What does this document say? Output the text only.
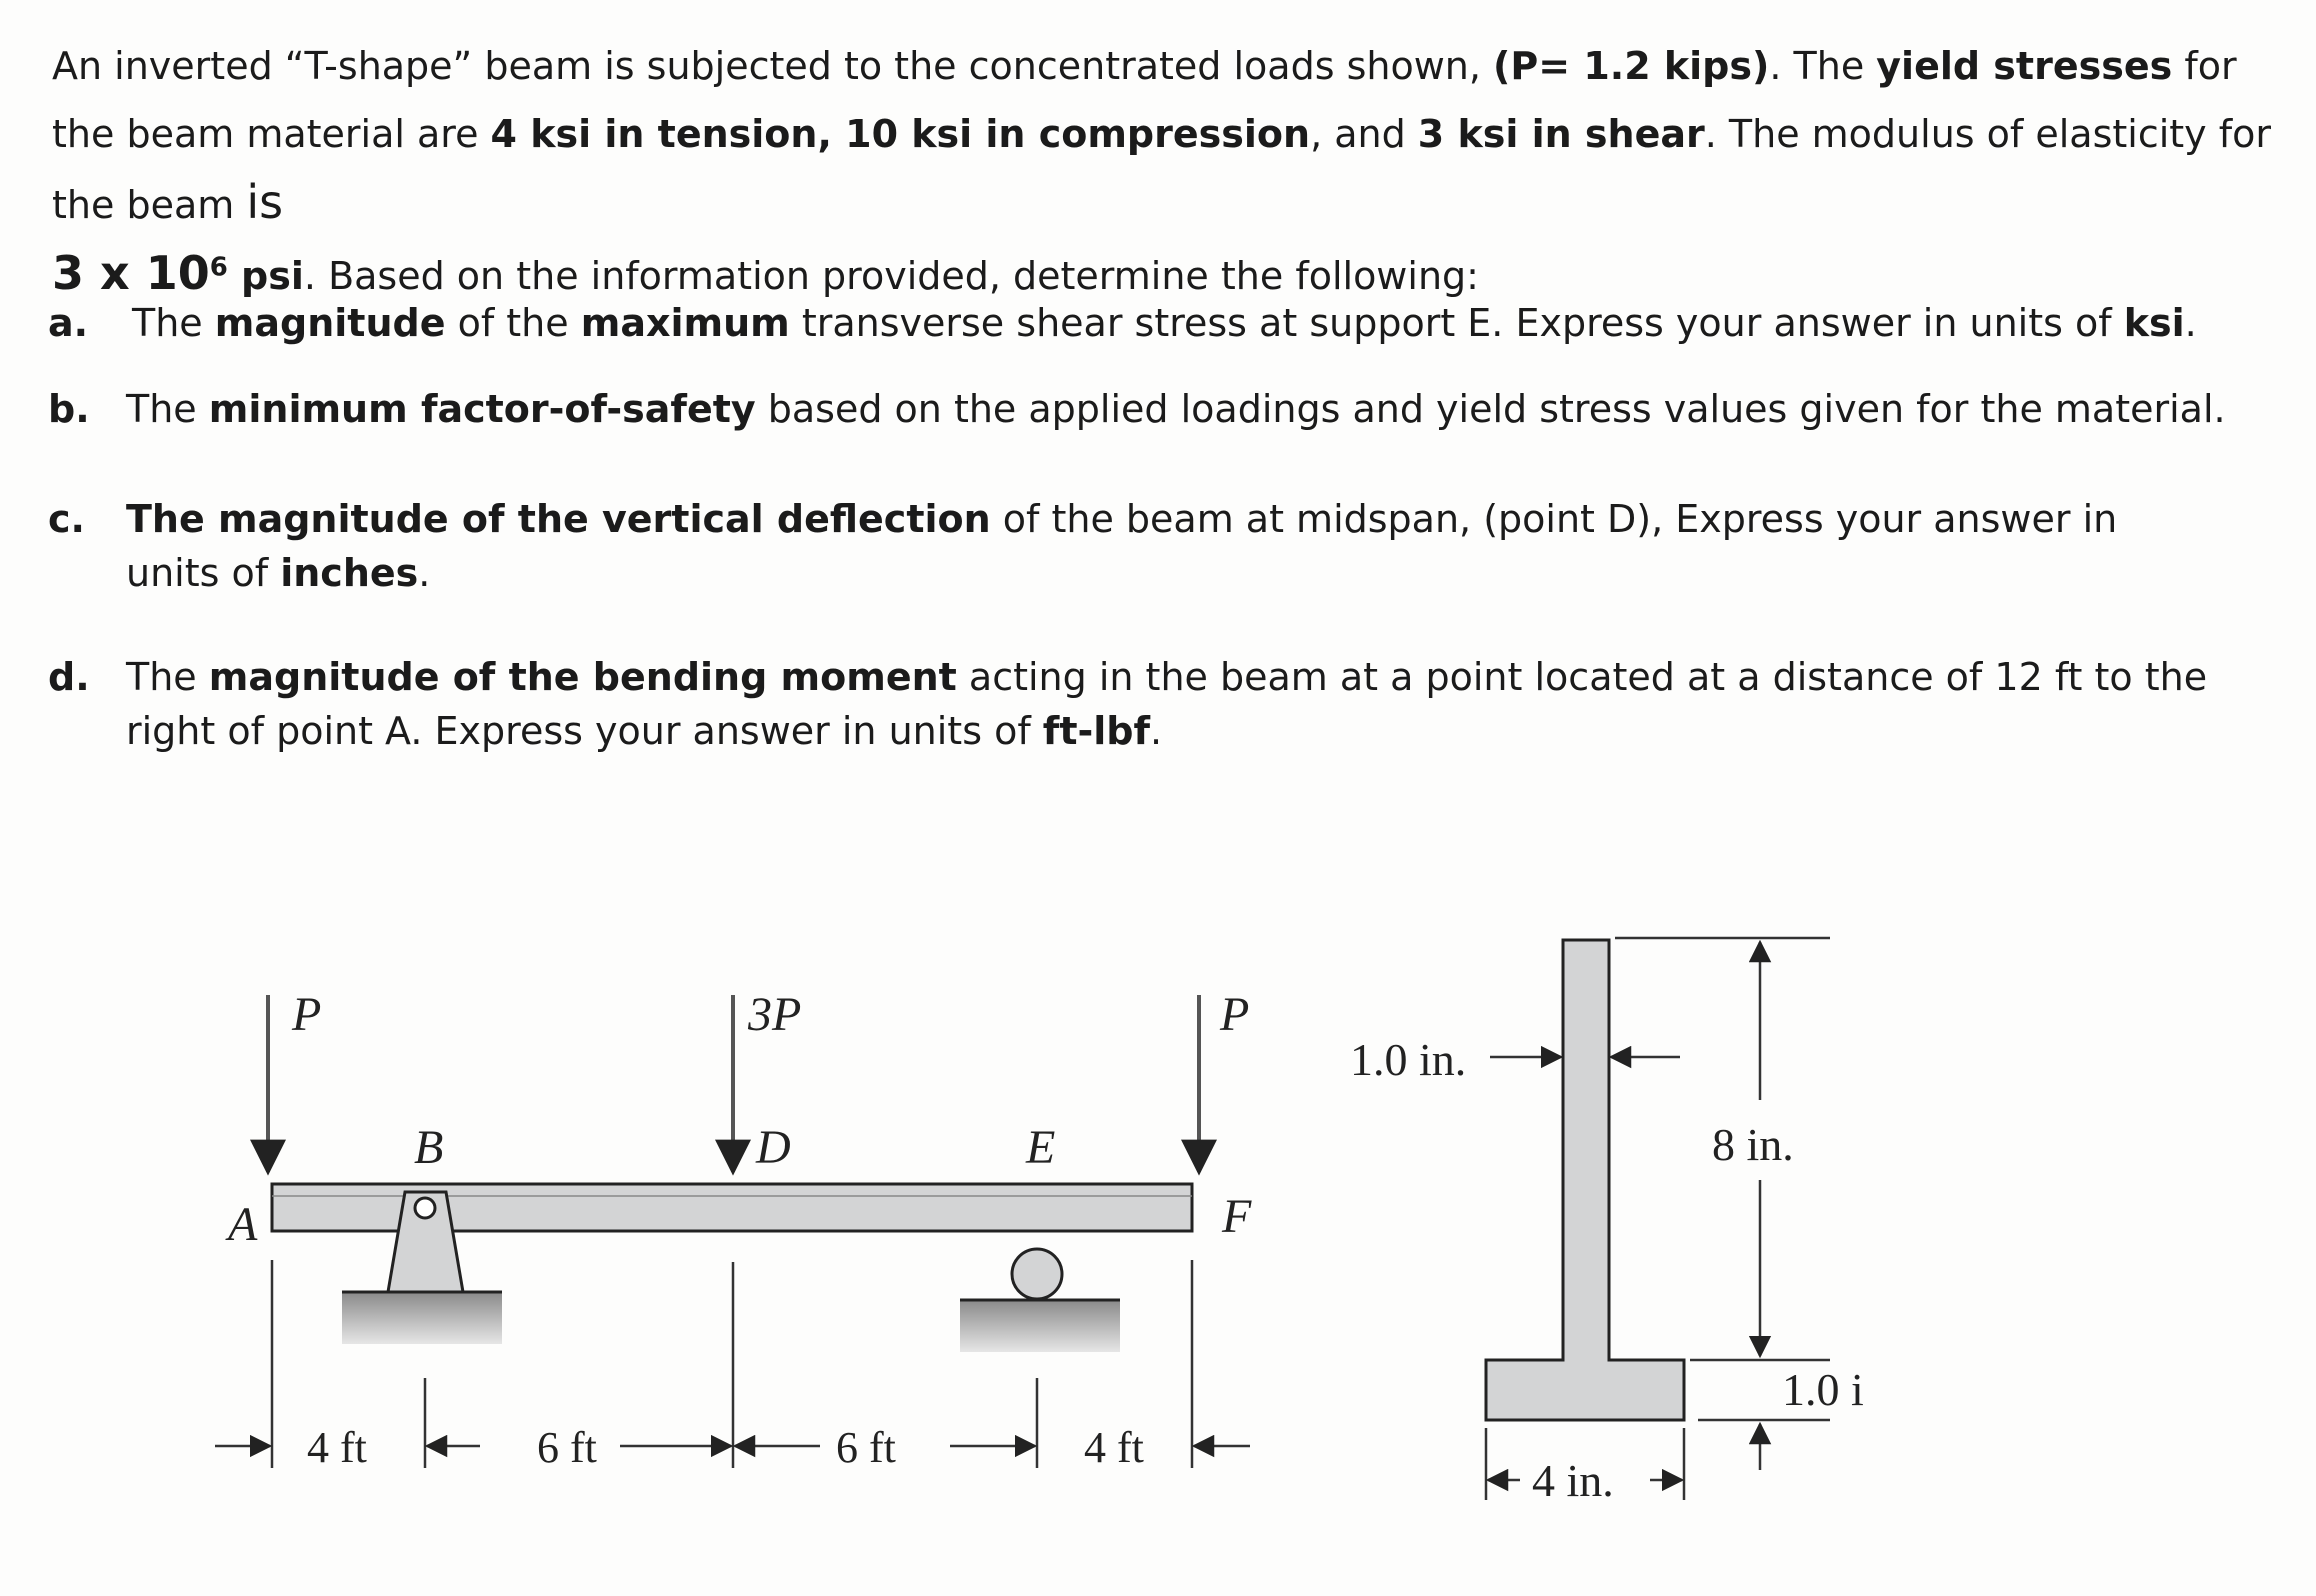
An inverted “T-shape” beam is subjected to the concentrated loads shown, (P= 1.2 kips). The yield stresses for the beam material are 4 ksi in tension, 10 ksi in compression, and 3 ksi in shear. The modulus of elasticity for the beam is
3 x $10^6$ psi. Based on the information provided, determine the following:
a. The magnitude of the maximum transverse shear stress at support E. Express your answer in units of ksi.
b. The minimum factor-of-safety based on the applied loadings and yield stress values given for the material.
c. The magnitude of the vertical deflection of the beam at midspan, (point D), Express your answer in units of inches.
d. The magnitude of the bending moment acting in the beam at a point located at a distance of 12 ft to the right of point A. Express your answer in units of ft-lbf.
P	3P	P
A
B	D	E
F
4 ft	6 ft	6 ft	4 ft
1.0 in.
8 in.
1.0 i
4 in.
